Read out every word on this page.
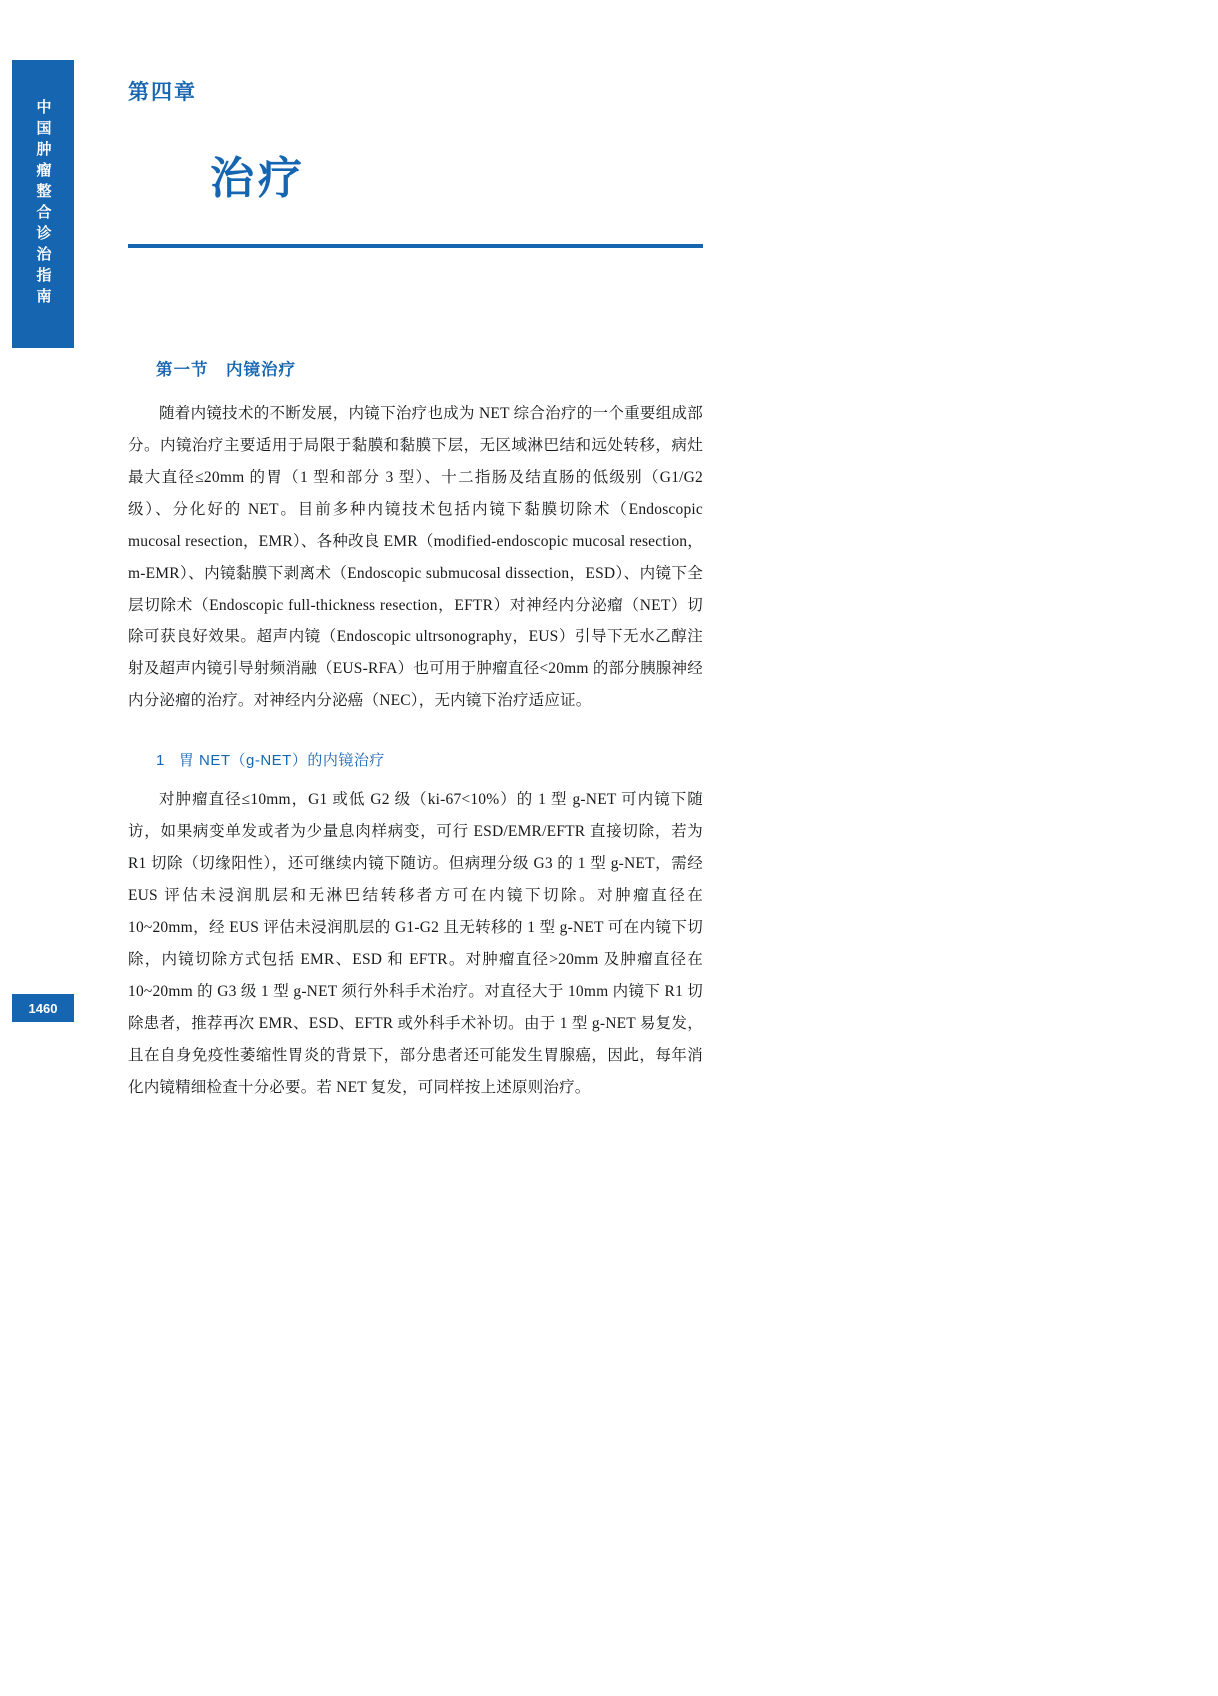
中国肿瘤整合诊治指南
1460
第四章
治疗
第一节　内镜治疗

随着内镜技术的不断发展，内镜下治疗也成为 NET 综合治疗的一个重要组成部分。内镜治疗主要适用于局限于黏膜和黏膜下层，无区域淋巴结和远处转移，病灶最大直径≤20mm 的胃（1 型和部分 3 型）、十二指肠及结直肠的低级别（G1/G2 级）、分化好的 NET。目前多种内镜技术包括内镜下黏膜切除术（Endoscopic mucosal resection，EMR）、各种改良 EMR（modified-endoscopic mucosal resection，m-EMR）、内镜黏膜下剥离术（Endoscopic submucosal dissection，ESD）、内镜下全层切除术（Endoscopic full-thickness resection，EFTR）对神经内分泌瘤（NET）切除可获良好效果。超声内镜（Endoscopic ultrsonography，EUS）引导下无水乙醇注射及超声内镜引导射频消融（EUS-RFA）也可用于肿瘤直径<20mm 的部分胰腺神经内分泌瘤的治疗。对神经内分泌癌（NEC），无内镜下治疗适应证。

1 胃 NET（g-NET）的内镜治疗

对肿瘤直径≤10mm，G1 或低 G2 级（ki-67<10%）的 1 型 g-NET 可内镜下随访，如果病变单发或者为少量息肉样病变，可行 ESD/EMR/EFTR 直接切除，若为 R1 切除（切缘阳性），还可继续内镜下随访。但病理分级 G3 的 1 型 g-NET，需经 EUS 评估未浸润肌层和无淋巴结转移者方可在内镜下切除。对肿瘤直径在 10~20mm，经 EUS 评估未浸润肌层的 G1-G2 且无转移的 1 型 g-NET 可在内镜下切除，内镜切除方式包括 EMR、ESD 和 EFTR。对肿瘤直径>20mm 及肿瘤直径在 10~20mm 的 G3 级 1 型 g-NET 须行外科手术治疗。对直径大于 10mm 内镜下 R1 切除患者，推荐再次 EMR、ESD、EFTR 或外科手术补切。由于 1 型 g-NET 易复发，且在自身免疫性萎缩性胃炎的背景下，部分患者还可能发生胃腺癌，因此，每年消化内镜精细检查十分必要。若 NET 复发，可同样按上述原则治疗。
